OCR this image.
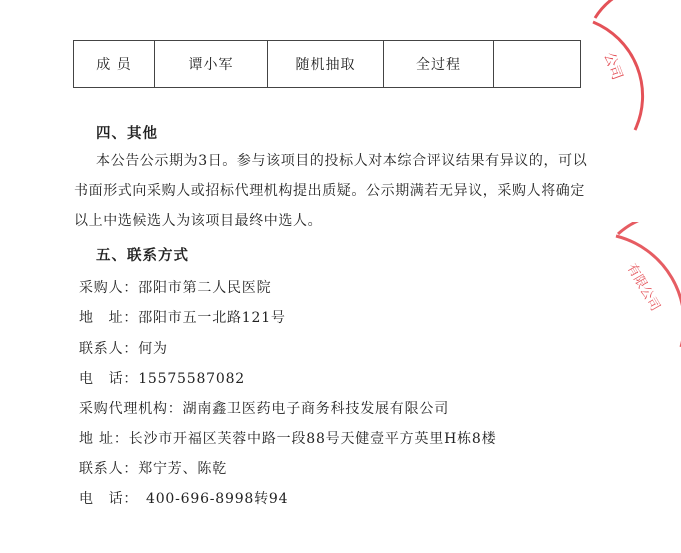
成 员	谭小军	随机抽取	全过程	
四、其他
本公告公示期为3日。参与该项目的投标人对本综合评议结果有异议的，可以书面形式向采购人或招标代理机构提出质疑。公示期满若无异议，采购人将确定以上中选候选人为该项目最终中选人。
五、联系方式
采购人：邵阳市第二人民医院
地　址：邵阳市五一北路121号
联系人：何为
电　话：15575587082
采购代理机构：湖南鑫卫医药电子商务科技发展有限公司
地 址：长沙市开福区芙蓉中路一段88号天健壹平方英里H栋8楼
联系人：郑宁芳、陈乾
电　话：　400-696-8998转94
公司
有限公司
